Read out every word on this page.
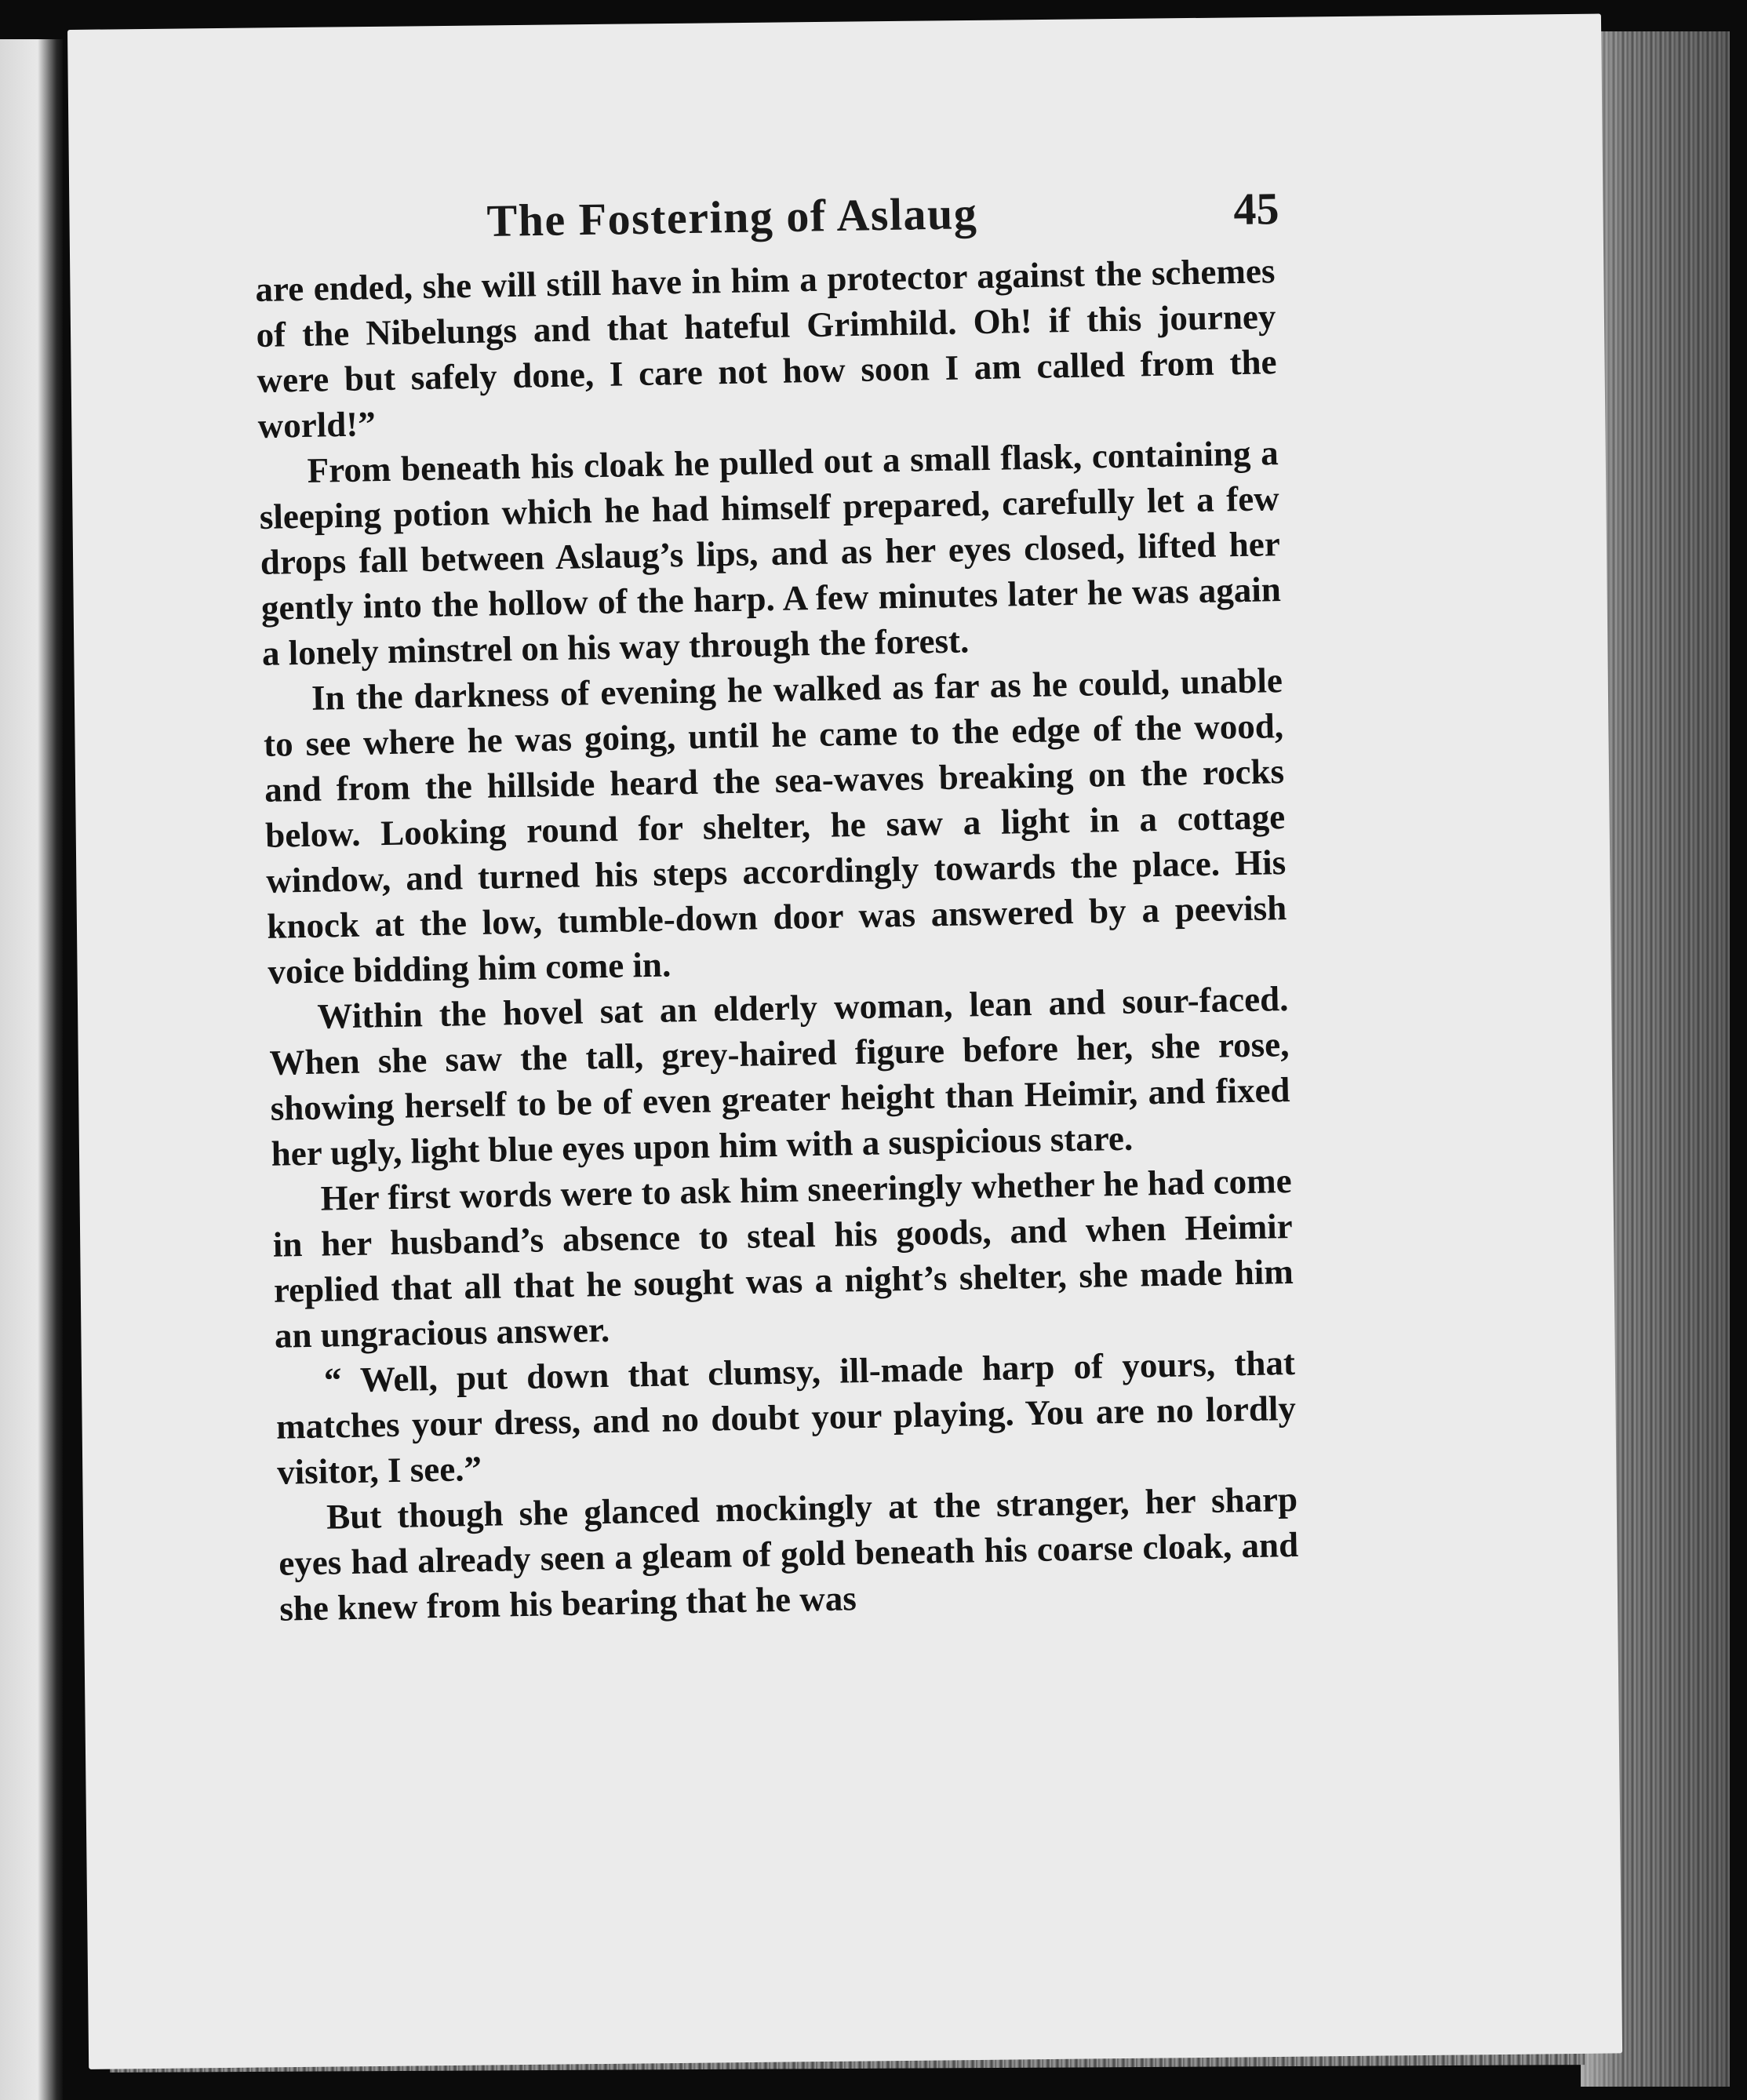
The Fostering of Aslaug	45

are ended, she will still have in him a protector against the schemes of the Nibelungs and that hateful Grimhild. Oh! if this journey were but safely done, I care not how soon I am called from the world!”

From beneath his cloak he pulled out a small flask, containing a sleeping potion which he had himself prepared, carefully let a few drops fall between Aslaug’s lips, and as her eyes closed, lifted her gently into the hollow of the harp. A few minutes later he was again a lonely minstrel on his way through the forest.

In the darkness of evening he walked as far as he could, unable to see where he was going, until he came to the edge of the wood, and from the hillside heard the sea-waves breaking on the rocks below. Looking round for shelter, he saw a light in a cottage window, and turned his steps accordingly towards the place. His knock at the low, tumble-down door was answered by a peevish voice bidding him come in.

Within the hovel sat an elderly woman, lean and sour-faced. When she saw the tall, grey-haired figure before her, she rose, showing herself to be of even greater height than Heimir, and fixed her ugly, light blue eyes upon him with a suspicious stare.

Her first words were to ask him sneeringly whether he had come in her husband’s absence to steal his goods, and when Heimir replied that all that he sought was a night’s shelter, she made him an ungracious answer.

“ Well, put down that clumsy, ill-made harp of yours, that matches your dress, and no doubt your playing. You are no lordly visitor, I see.”

But though she glanced mockingly at the stranger, her sharp eyes had already seen a gleam of gold beneath his coarse cloak, and she knew from his bearing that he was
